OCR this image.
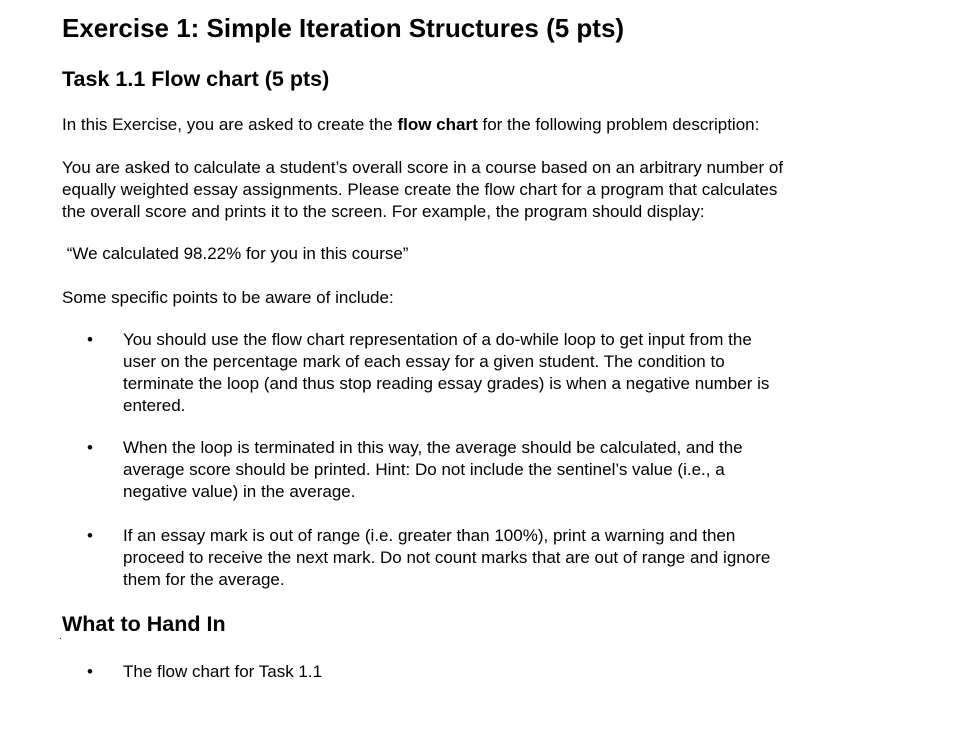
Exercise 1: Simple Iteration Structures (5 pts)
Task 1.1 Flow chart (5 pts)

In this Exercise, you are asked to create the flow chart for the following problem description:

You are asked to calculate a student’s overall score in a course based on an arbitrary number of
equally weighted essay assignments. Please create the flow chart for a program that calculates
the overall score and prints it to the screen. For example, the program should display:

“We calculated 98.22% for you in this course”

Some specific points to be aware of include:

• You should use the flow chart representation of a do-while loop to get input from the
user on the percentage mark of each essay for a given student. The condition to
terminate the loop (and thus stop reading essay grades) is when a negative number is
entered.
• When the loop is terminated in this way, the average should be calculated, and the
average score should be printed. Hint: Do not include the sentinel’s value (i.e., a
negative value) in the average.
• If an essay mark is out of range (i.e. greater than 100%), print a warning and then
proceed to receive the next mark. Do not count marks that are out of range and ignore
them for the average.
.
What to Hand In
• The flow chart for Task 1.1
